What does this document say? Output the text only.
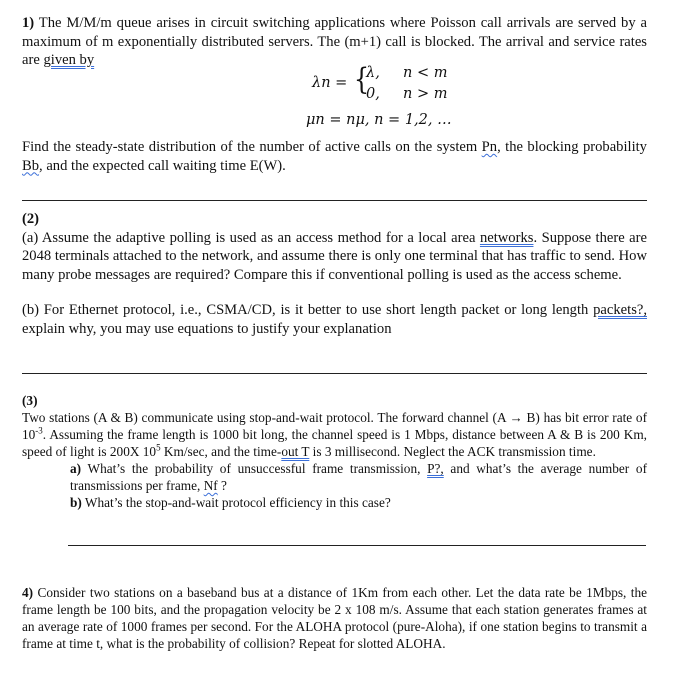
1) The M/M/m queue arises in circuit switching applications where Poisson call arrivals are served by a maximum of m exponentially distributed servers. The (m+1) call is blocked. The arrival and service rates are given by

λn = {
λ, n < m
0, n > m
μn = nμ, n = 1,2, …

Find the steady-state distribution of the number of active calls on the system Pn, the blocking probability Bb, and the expected call waiting time E(W).

(2)

(a) Assume the adaptive polling is used as an access method for a local area networks. Suppose there are 2048 terminals attached to the network, and assume there is only one terminal that has traffic to send. How many probe messages are required? Compare this if conventional polling is used as the access scheme.

(b) For Ethernet protocol, i.e., CSMA/CD, is it better to use short length packet or long length packets?, explain why, you may use equations to justify your explanation

(3)

Two stations (A & B) communicate using stop-and-wait protocol. The forward channel (A → B) has bit error rate of $10^{-3}$. Assuming the frame length is 1000 bit long, the channel speed is 1 Mbps, distance between A & B is 200 Km, speed of light is 200X $10^5$ Km/sec, and the time-out T is 3 millisecond. Neglect the ACK transmission time.

a) What’s the probability of unsuccessful frame transmission, P?, and what’s the average number of transmissions per frame, Nf ?

b) What’s the stop-and-wait protocol efficiency in this case?

4) Consider two stations on a baseband bus at a distance of 1Km from each other. Let the data rate be 1Mbps, the frame length be 100 bits, and the propagation velocity be 2 x 108 m/s. Assume that each station generates frames at an average rate of 1000 frames per second. For the ALOHA protocol (pure-Aloha), if one station begins to transmit a frame at time t, what is the probability of collision? Repeat for slotted ALOHA.
